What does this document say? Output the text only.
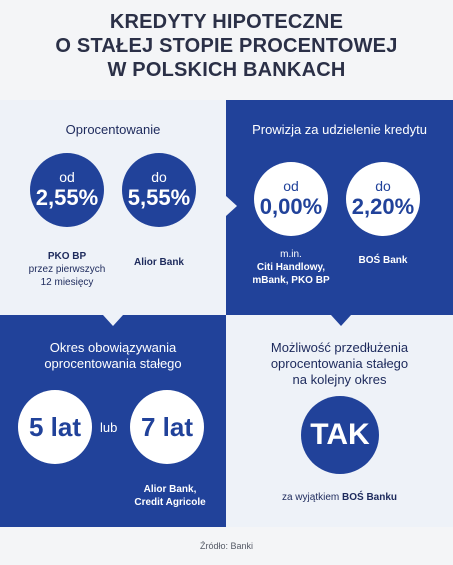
KREDYTY HIPOTECZNE
O STAŁEJ STOPIE PROCENTOWEJ
W POLSKICH BANKACH
Oprocentowanie
od
2,55%
do
5,55%
PKO BP
przez pierwszych
12 miesięcy
Alior Bank
Prowizja za udzielenie kredytu
od
0,00%
do
2,20%
m.in.
Citi Handlowy,
mBank, PKO BP
BOŚ Bank
Okres obowiązywania
oprocentowania stałego
5 lat lub 7 lat
Alior Bank,
Credit Agricole
Możliwość przedłużenia
oprocentowania stałego
na kolejny okres
TAK
za wyjątkiem BOŚ Banku
Źródło: Banki
